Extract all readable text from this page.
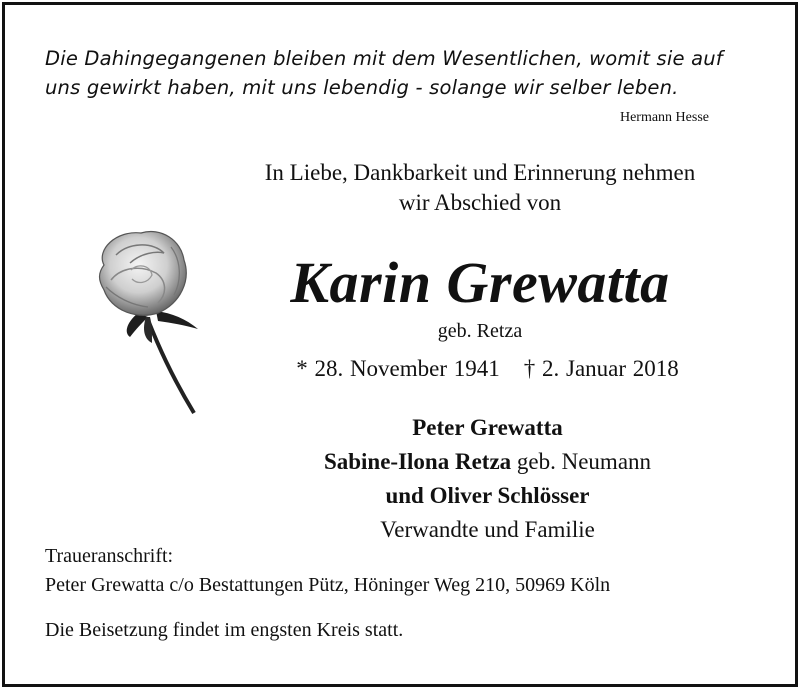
Die Dahingegangenen bleiben mit dem Wesentlichen, womit sie auf
uns gewirkt haben, mit uns lebendig - solange wir selber leben.
Hermann Hesse
In Liebe, Dankbarkeit und Erinnerung nehmen
wir Abschied von
Karin Grewatta
geb. Retza
* 28. November 1941 † 2. Januar 2018
Peter Grewatta
Sabine-Ilona Retza geb. Neumann
und Oliver Schlösser
Verwandte und Familie
Traueranschrift:
Peter Grewatta c/o Bestattungen Pütz, Höninger Weg 210, 50969 Köln
Die Beisetzung findet im engsten Kreis statt.
